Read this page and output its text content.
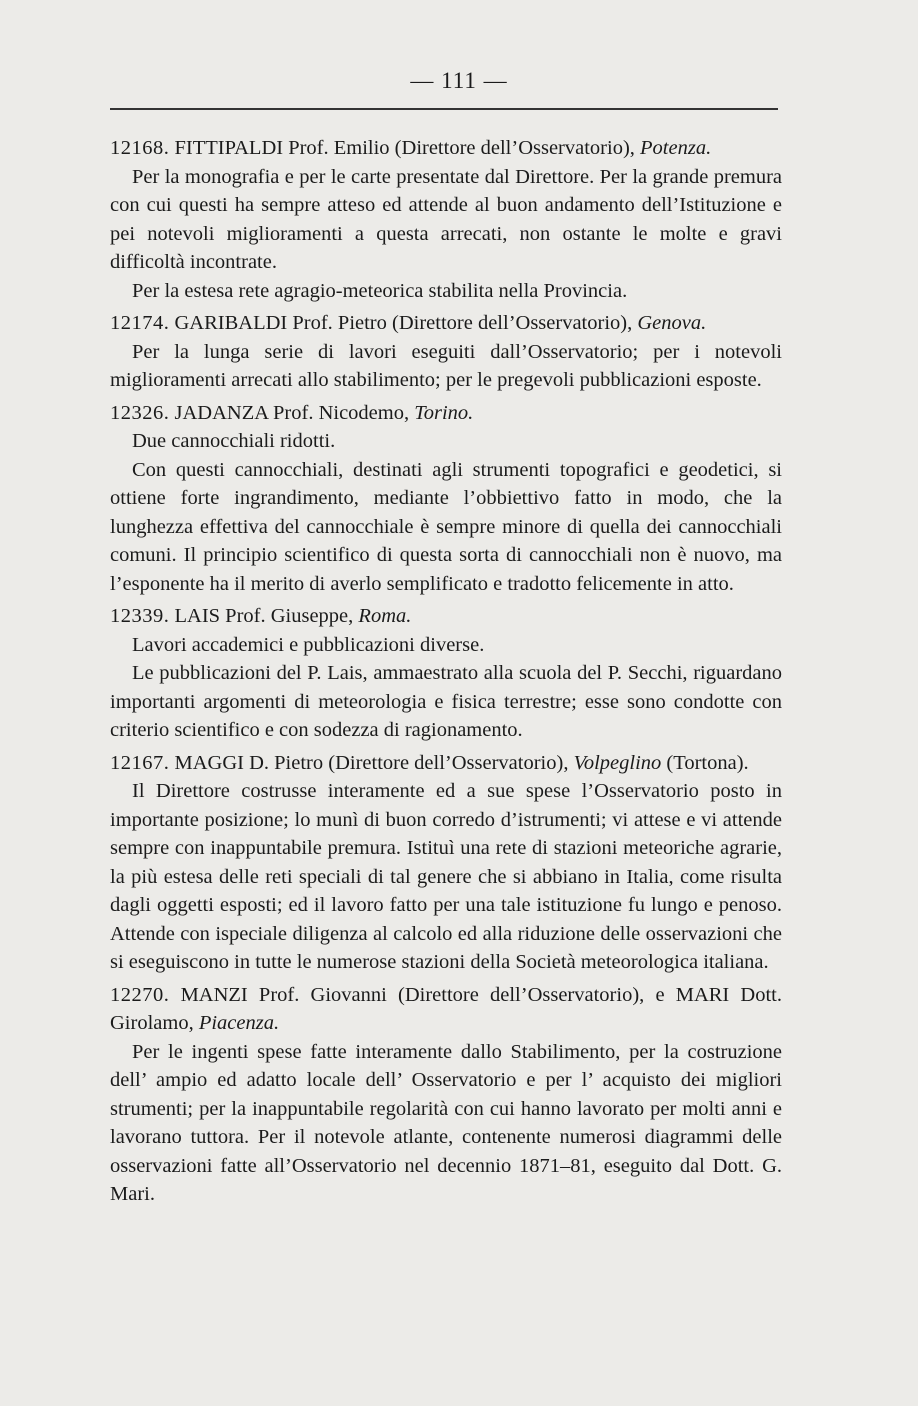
— 111 —

12168. FITTIPALDI Prof. Emilio (Direttore dell’Osservatorio), Potenza.

Per la monografia e per le carte presentate dal Direttore. Per la grande premura con cui questi ha sempre atteso ed attende al buon andamento dell’Istituzione e pei notevoli miglioramenti a questa arrecati, non ostante le molte e gravi difficoltà incontrate.

Per la estesa rete agragio-meteorica stabilita nella Provincia.

12174. GARIBALDI Prof. Pietro (Direttore dell’Osservatorio), Genova.

Per la lunga serie di lavori eseguiti dall’Osservatorio; per i notevoli miglioramenti arrecati allo stabilimento; per le pregevoli pubblicazioni esposte.

12326. JADANZA Prof. Nicodemo, Torino.

Due cannocchiali ridotti.

Con questi cannocchiali, destinati agli strumenti topografici e geodetici, si ottiene forte ingrandimento, mediante l’obbiettivo fatto in modo, che la lunghezza effettiva del cannocchiale è sempre minore di quella dei cannocchiali comuni. Il principio scientifico di questa sorta di cannocchiali non è nuovo, ma l’esponente ha il merito di averlo semplificato e tradotto felicemente in atto.

12339. LAIS Prof. Giuseppe, Roma.

Lavori accademici e pubblicazioni diverse.

Le pubblicazioni del P. Lais, ammaestrato alla scuola del P. Secchi, riguardano importanti argomenti di meteorologia e fisica terrestre; esse sono condotte con criterio scientifico e con sodezza di ragionamento.

12167. MAGGI D. Pietro (Direttore dell’Osservatorio), Volpeglino (Tortona).

Il Direttore costrusse interamente ed a sue spese l’Osservatorio posto in importante posizione; lo munì di buon corredo d’istrumenti; vi attese e vi attende sempre con inappuntabile premura. Istituì una rete di stazioni meteoriche agrarie, la più estesa delle reti speciali di tal genere che si abbiano in Italia, come risulta dagli oggetti esposti; ed il lavoro fatto per una tale istituzione fu lungo e penoso. Attende con ispeciale diligenza al calcolo ed alla riduzione delle osservazioni che si eseguiscono in tutte le numerose stazioni della Società meteorologica italiana.

12270. MANZI Prof. Giovanni (Direttore dell’Osservatorio), e MARI Dott. Girolamo, Piacenza.

Per le ingenti spese fatte interamente dallo Stabilimento, per la costruzione dell’ ampio ed adatto locale dell’ Osservatorio e per l’ acquisto dei migliori strumenti; per la inappuntabile regolarità con cui hanno lavorato per molti anni e lavorano tuttora. Per il notevole atlante, contenente numerosi diagrammi delle osservazioni fatte all’Osservatorio nel decennio 1871–81, eseguito dal Dott. G. Mari.
